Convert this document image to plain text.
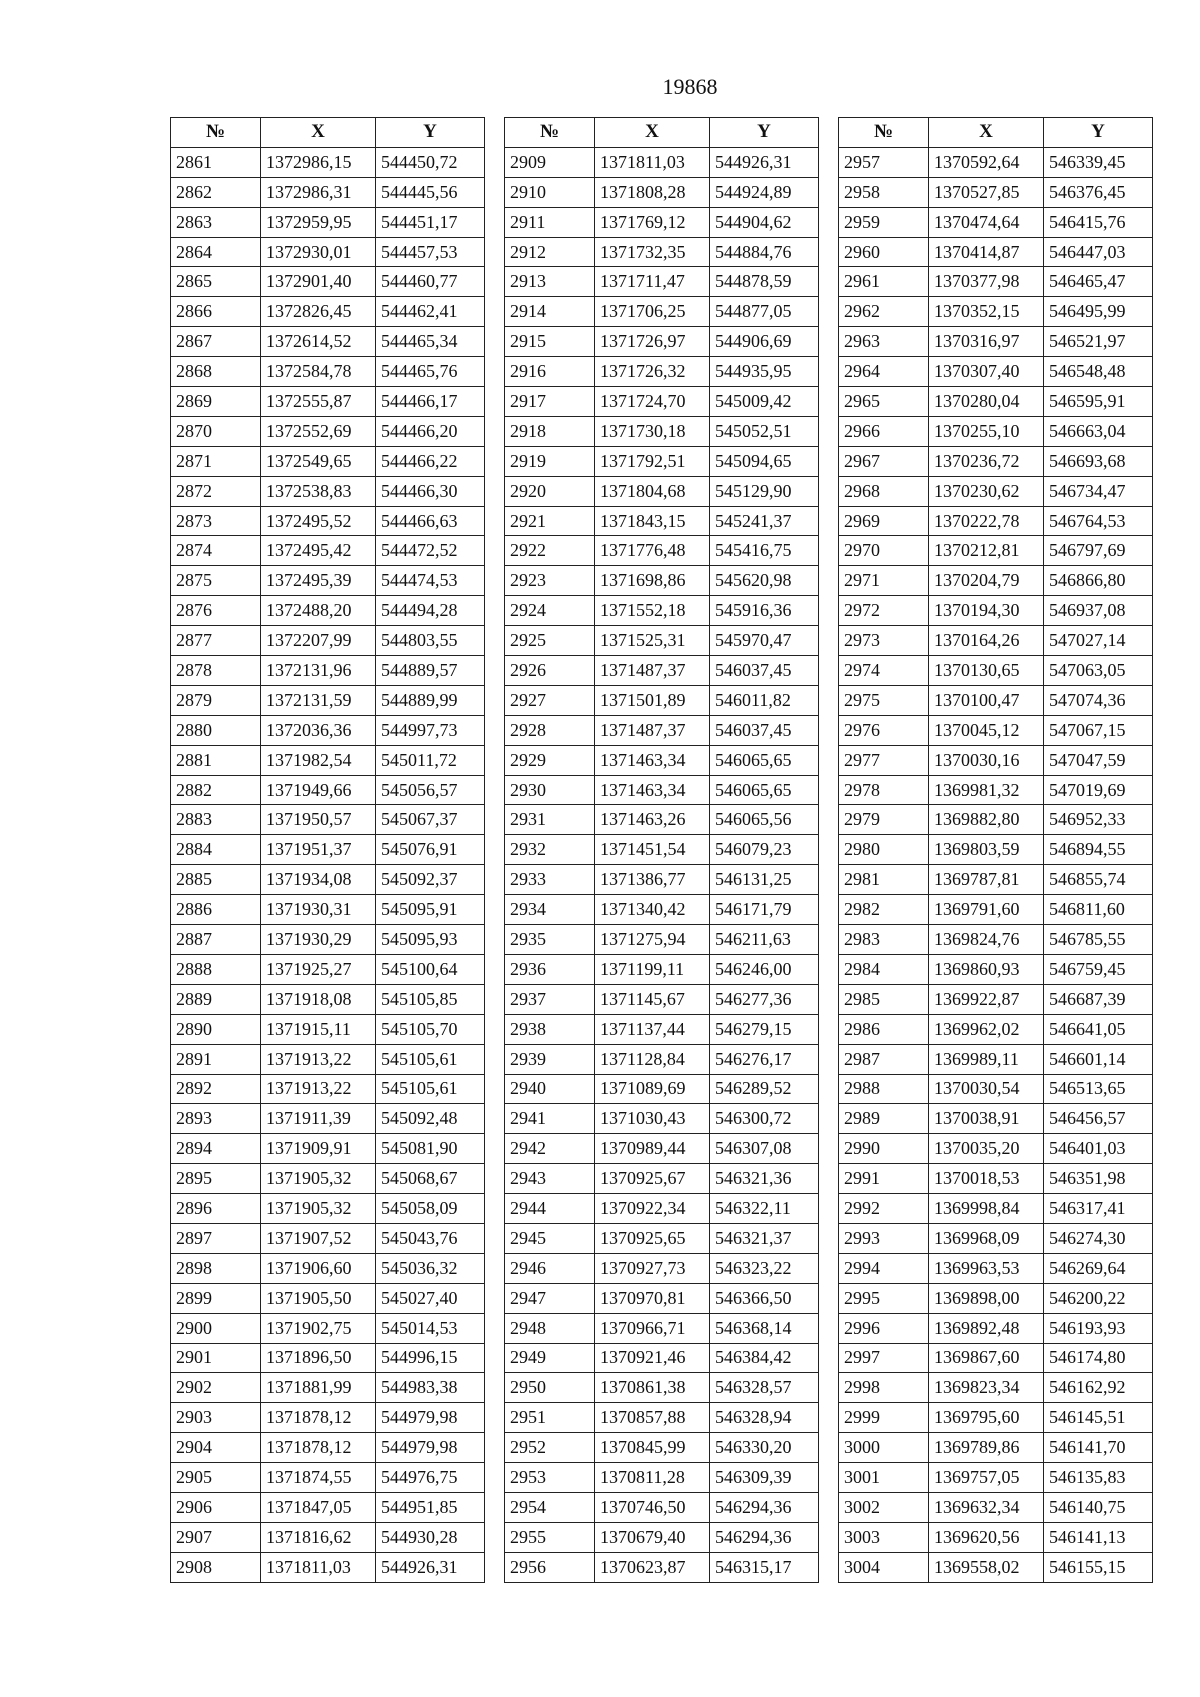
19868
№	X	Y
2861	1372986,15	544450,72
2862	1372986,31	544445,56
2863	1372959,95	544451,17
2864	1372930,01	544457,53
2865	1372901,40	544460,77
2866	1372826,45	544462,41
2867	1372614,52	544465,34
2868	1372584,78	544465,76
2869	1372555,87	544466,17
2870	1372552,69	544466,20
2871	1372549,65	544466,22
2872	1372538,83	544466,30
2873	1372495,52	544466,63
2874	1372495,42	544472,52
2875	1372495,39	544474,53
2876	1372488,20	544494,28
2877	1372207,99	544803,55
2878	1372131,96	544889,57
2879	1372131,59	544889,99
2880	1372036,36	544997,73
2881	1371982,54	545011,72
2882	1371949,66	545056,57
2883	1371950,57	545067,37
2884	1371951,37	545076,91
2885	1371934,08	545092,37
2886	1371930,31	545095,91
2887	1371930,29	545095,93
2888	1371925,27	545100,64
2889	1371918,08	545105,85
2890	1371915,11	545105,70
2891	1371913,22	545105,61
2892	1371913,22	545105,61
2893	1371911,39	545092,48
2894	1371909,91	545081,90
2895	1371905,32	545068,67
2896	1371905,32	545058,09
2897	1371907,52	545043,76
2898	1371906,60	545036,32
2899	1371905,50	545027,40
2900	1371902,75	545014,53
2901	1371896,50	544996,15
2902	1371881,99	544983,38
2903	1371878,12	544979,98
2904	1371878,12	544979,98
2905	1371874,55	544976,75
2906	1371847,05	544951,85
2907	1371816,62	544930,28
2908	1371811,03	544926,31
№	X	Y
2909	1371811,03	544926,31
2910	1371808,28	544924,89
2911	1371769,12	544904,62
2912	1371732,35	544884,76
2913	1371711,47	544878,59
2914	1371706,25	544877,05
2915	1371726,97	544906,69
2916	1371726,32	544935,95
2917	1371724,70	545009,42
2918	1371730,18	545052,51
2919	1371792,51	545094,65
2920	1371804,68	545129,90
2921	1371843,15	545241,37
2922	1371776,48	545416,75
2923	1371698,86	545620,98
2924	1371552,18	545916,36
2925	1371525,31	545970,47
2926	1371487,37	546037,45
2927	1371501,89	546011,82
2928	1371487,37	546037,45
2929	1371463,34	546065,65
2930	1371463,34	546065,65
2931	1371463,26	546065,56
2932	1371451,54	546079,23
2933	1371386,77	546131,25
2934	1371340,42	546171,79
2935	1371275,94	546211,63
2936	1371199,11	546246,00
2937	1371145,67	546277,36
2938	1371137,44	546279,15
2939	1371128,84	546276,17
2940	1371089,69	546289,52
2941	1371030,43	546300,72
2942	1370989,44	546307,08
2943	1370925,67	546321,36
2944	1370922,34	546322,11
2945	1370925,65	546321,37
2946	1370927,73	546323,22
2947	1370970,81	546366,50
2948	1370966,71	546368,14
2949	1370921,46	546384,42
2950	1370861,38	546328,57
2951	1370857,88	546328,94
2952	1370845,99	546330,20
2953	1370811,28	546309,39
2954	1370746,50	546294,36
2955	1370679,40	546294,36
2956	1370623,87	546315,17
№	X	Y
2957	1370592,64	546339,45
2958	1370527,85	546376,45
2959	1370474,64	546415,76
2960	1370414,87	546447,03
2961	1370377,98	546465,47
2962	1370352,15	546495,99
2963	1370316,97	546521,97
2964	1370307,40	546548,48
2965	1370280,04	546595,91
2966	1370255,10	546663,04
2967	1370236,72	546693,68
2968	1370230,62	546734,47
2969	1370222,78	546764,53
2970	1370212,81	546797,69
2971	1370204,79	546866,80
2972	1370194,30	546937,08
2973	1370164,26	547027,14
2974	1370130,65	547063,05
2975	1370100,47	547074,36
2976	1370045,12	547067,15
2977	1370030,16	547047,59
2978	1369981,32	547019,69
2979	1369882,80	546952,33
2980	1369803,59	546894,55
2981	1369787,81	546855,74
2982	1369791,60	546811,60
2983	1369824,76	546785,55
2984	1369860,93	546759,45
2985	1369922,87	546687,39
2986	1369962,02	546641,05
2987	1369989,11	546601,14
2988	1370030,54	546513,65
2989	1370038,91	546456,57
2990	1370035,20	546401,03
2991	1370018,53	546351,98
2992	1369998,84	546317,41
2993	1369968,09	546274,30
2994	1369963,53	546269,64
2995	1369898,00	546200,22
2996	1369892,48	546193,93
2997	1369867,60	546174,80
2998	1369823,34	546162,92
2999	1369795,60	546145,51
3000	1369789,86	546141,70
3001	1369757,05	546135,83
3002	1369632,34	546140,75
3003	1369620,56	546141,13
3004	1369558,02	546155,15
